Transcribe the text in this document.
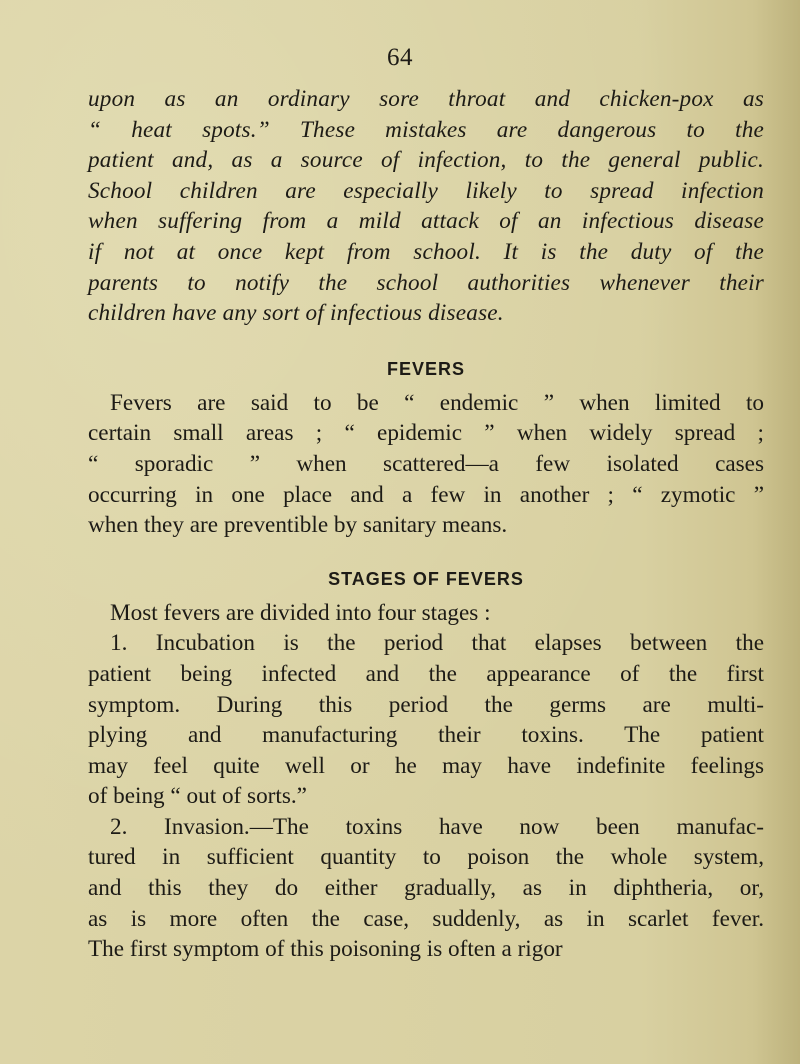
64
upon as an ordinary sore throat and chicken-pox as
“ heat spots.” These mistakes are dangerous to the
patient and, as a source of infection, to the general public.
School children are especially likely to spread infection
when suffering from a mild attack of an infectious disease
if not at once kept from school. It is the duty of the
parents to notify the school authorities whenever their
children have any sort of infectious disease.
FEVERS
Fevers are said to be “ endemic ” when limited to
certain small areas ; “ epidemic ” when widely spread ;
“ sporadic ” when scattered—a few isolated cases
occurring in one place and a few in another ; “ zymotic ”
when they are preventible by sanitary means.
STAGES OF FEVERS
Most fevers are divided into four stages :
1. Incubation is the period that elapses between the
patient being infected and the appearance of the first
symptom. During this period the germs are multi-
plying and manufacturing their toxins. The patient
may feel quite well or he may have indefinite feelings
of being “ out of sorts.”
2. Invasion.—The toxins have now been manufac-
tured in sufficient quantity to poison the whole system,
and this they do either gradually, as in diphtheria, or,
as is more often the case, suddenly, as in scarlet fever.
The first symptom of this poisoning is often a rigor
